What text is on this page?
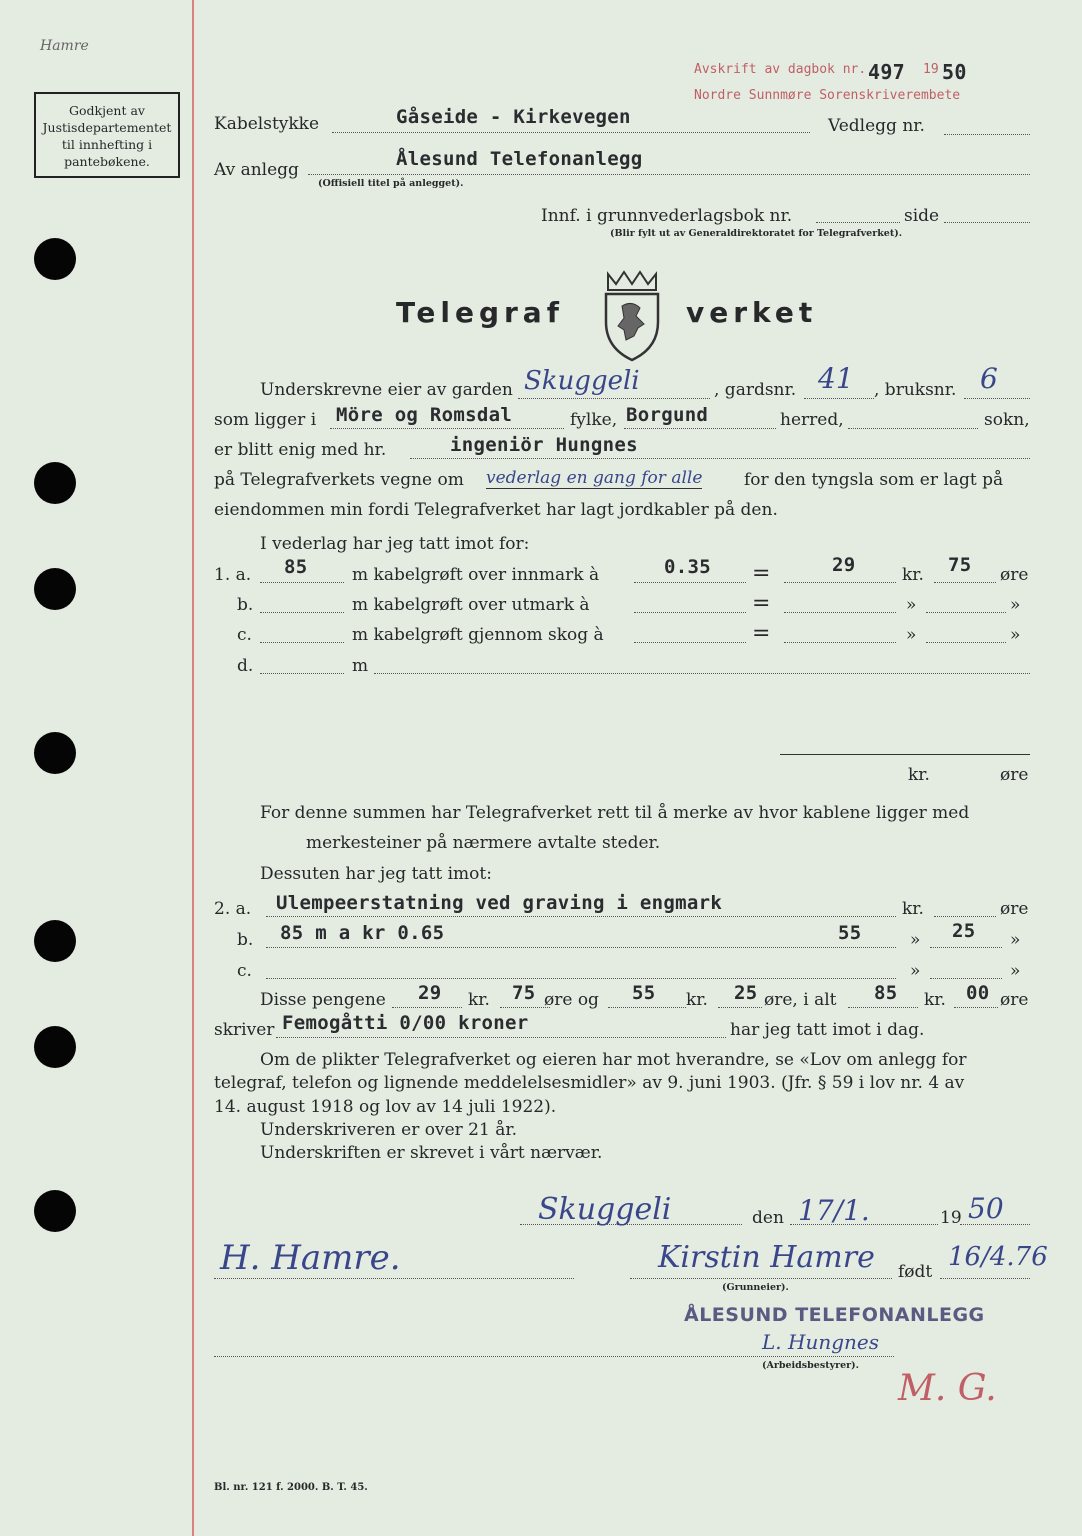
Hamre
Godkjent av
Justisdepartementet
til innhefting i
pantebøkene.
Avskrift av dagbok nr. 497 19 50
Nordre Sunnmøre Sorenskriverembete
Kabelstykke	Gåseide - Kirkevegen	Vedlegg nr.
Av anlegg	Ålesund Telefonanlegg
(Offisiell titel på anlegget).
Innf. i grunnvederlagsbok nr.	side
(Blir fylt ut av Generaldirektoratet for Telegrafverket).
Telegraf	verket
Underskrevne eier av garden Skuggeli	, gardsnr. 41 , bruksnr. 6
som ligger i Möre og Romsdal	fylke, Borgund	herred,	sokn,
er blitt enig med hr.	ingeniör Hungnes
på Telegrafverkets vegne om vederlag en gang for alle for den tyngsla som er lagt på
eiendommen min fordi Telegrafverket har lagt jordkabler på den.
I vederlag har jeg tatt imot for:
1. a. 85	m kabelgrøft over innmark à	0.35 =	29	kr. 75 øre
b.	m kabelgrøft over utmark à	=	»	»
c.	m kabelgrøft gjennom skog à	=	»	»
d.	m
kr.	øre
For denne summen har Telegrafverket rett til å merke av hvor kablene ligger med
merkesteiner på nærmere avtalte steder.
Dessuten har jeg tatt imot:
2. a. Ulempeerstatning ved graving i engmark	kr.	øre
b. 85 m a kr 0.65	55	» 25 »
c.	»	»
Disse pengene 29 kr. 75 øre og 55 kr. 25 øre, i alt 85 kr. 00 øre
skriver Femogåtti 0/00 kroner	har jeg tatt imot i dag.
Om de plikter Telegrafverket og eieren har mot hverandre, se «Lov om anlegg for
telegraf, telefon og lignende meddelelsesmidler» av 9. juni 1903. (Jfr. § 59 i lov nr. 4 av
14. august 1918 og lov av 14 juli 1922).
Underskriveren er over 21 år.
Underskriften er skrevet i vårt nærvær.
Skuggeli	den 17/1.	19 50
H. Hamre.	Kirstin Hamre født 16/4.76
(Grunneier).
ÅLESUND TELEFONANLEGG
L. Hungnes
(Arbeidsbestyrer).
M. G.
Bl. nr. 121 f. 2000. B. T. 45.
